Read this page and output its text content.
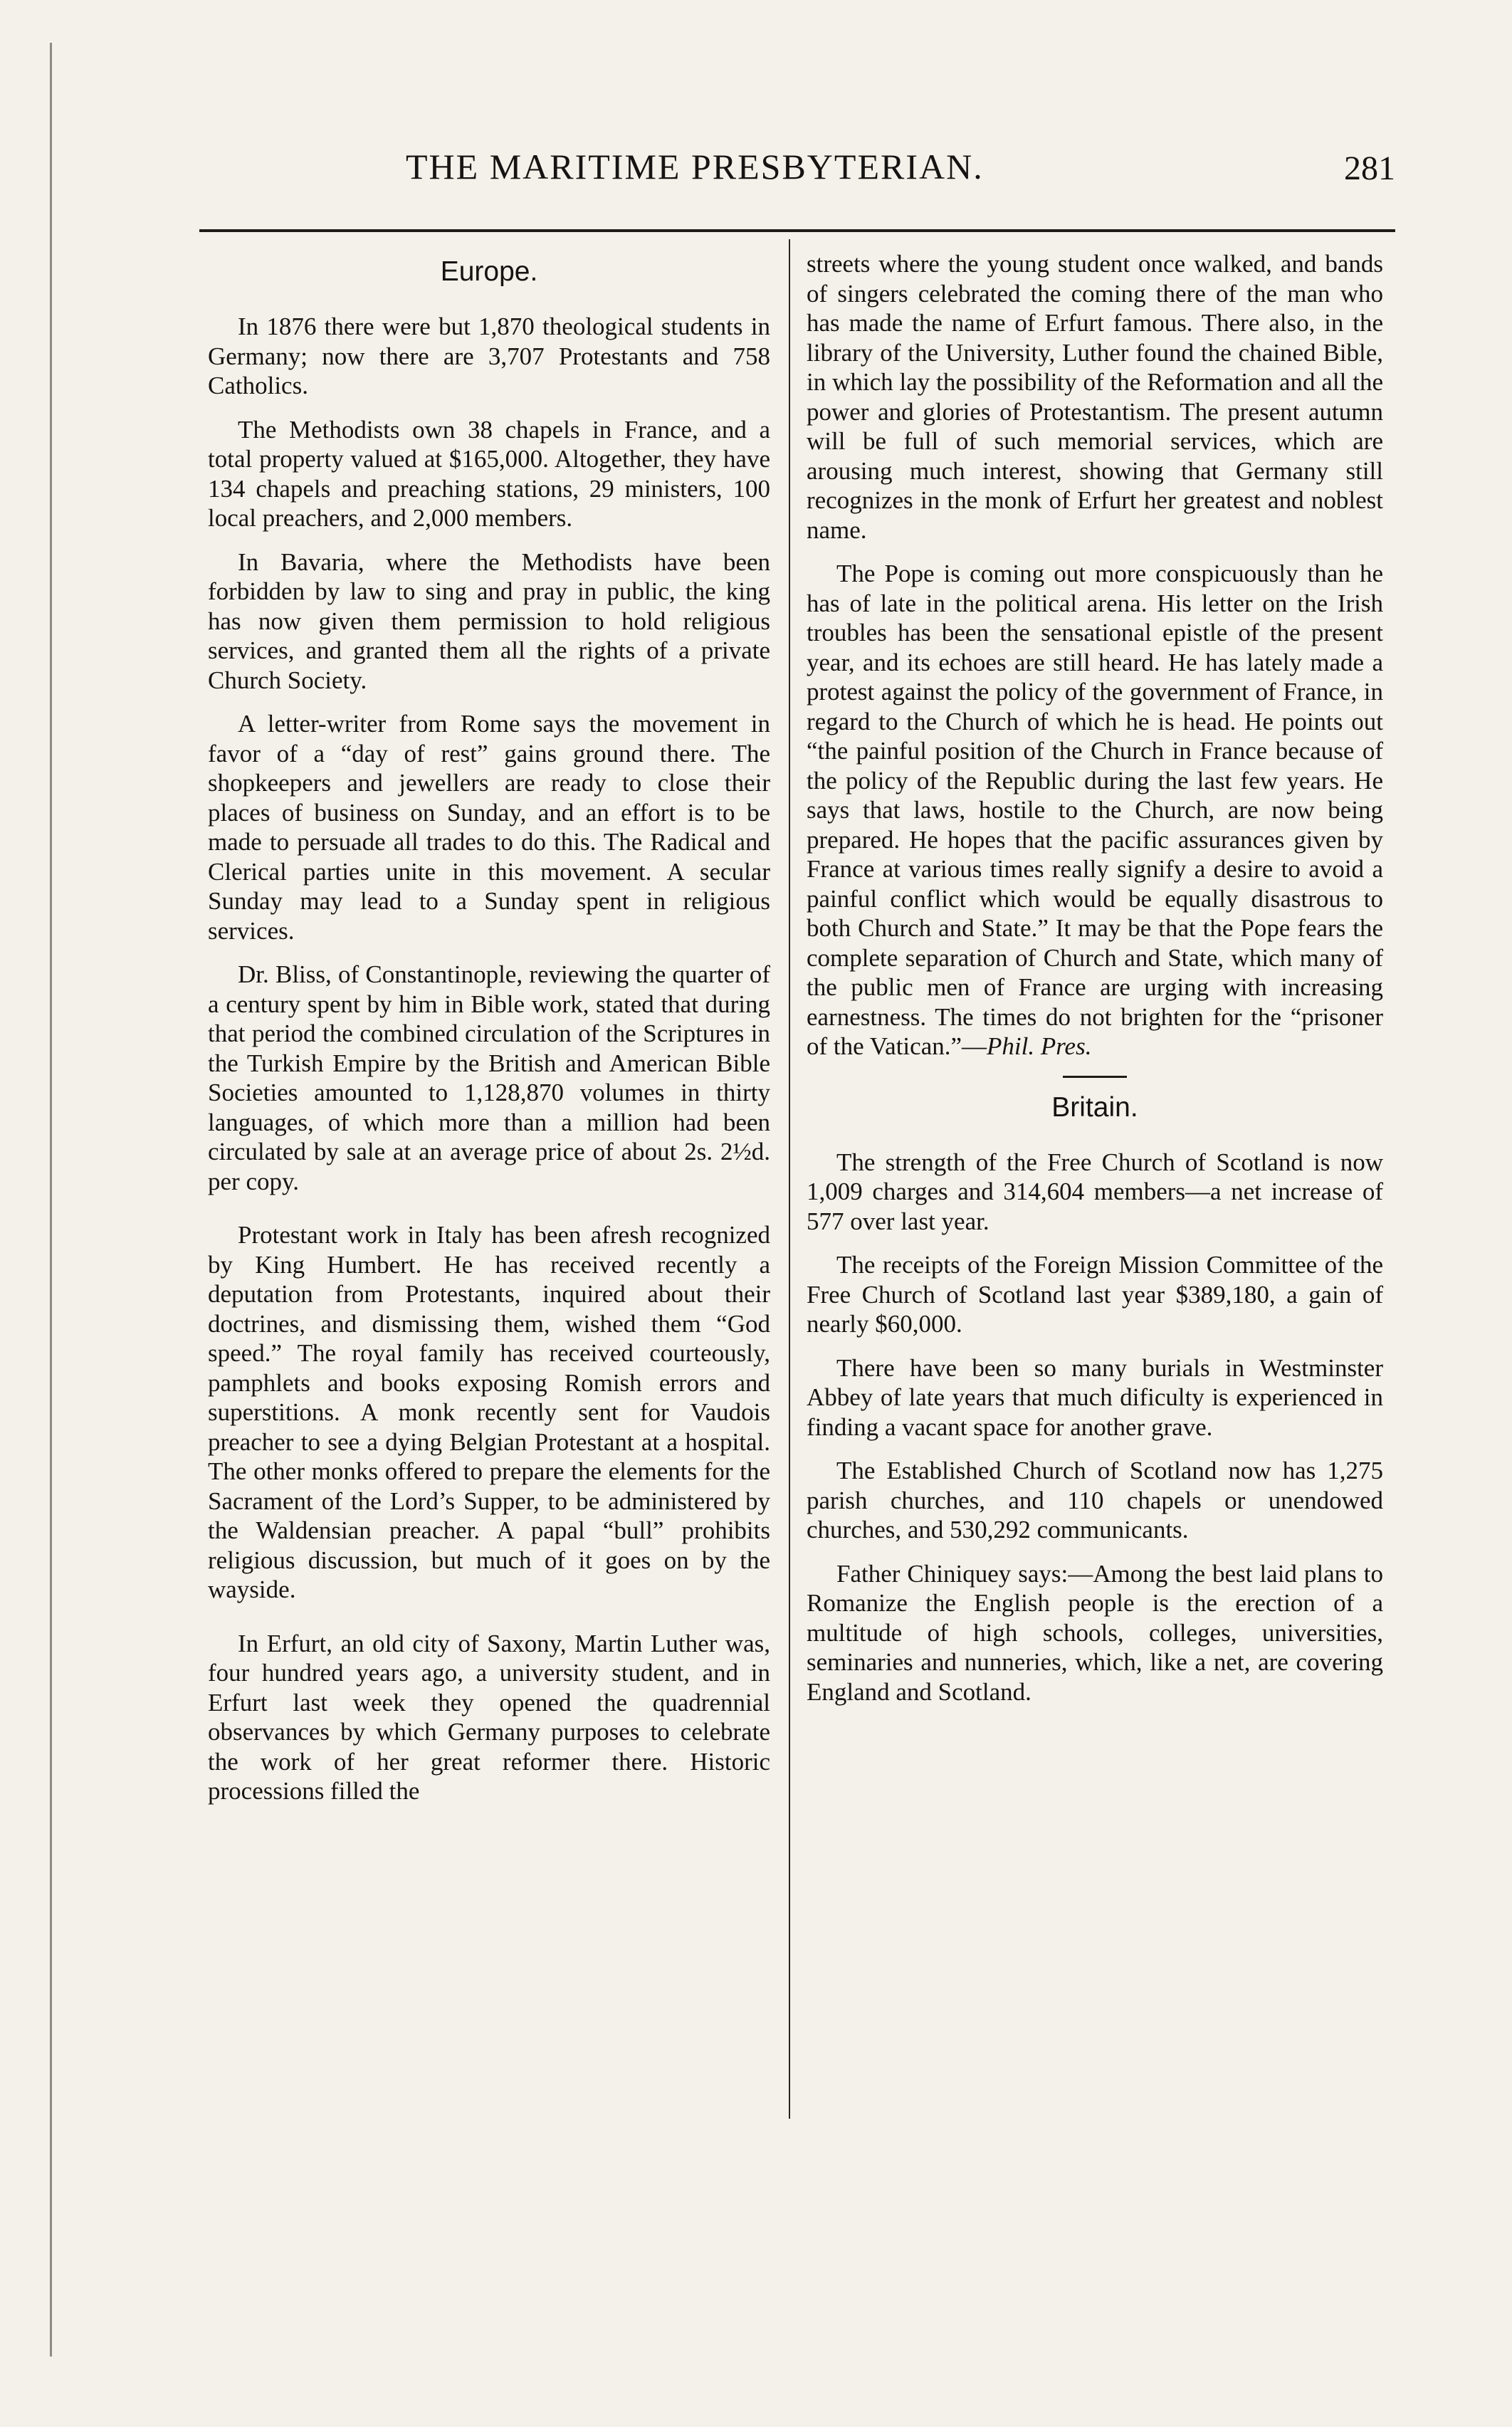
THE MARITIME PRESBYTERIAN.	281
Europe.

In 1876 there were but 1,870 theological students in Germany; now there are 3,707 Protestants and 758 Catholics.

The Methodists own 38 chapels in France, and a total property valued at $165,000. Altogether, they have 134 chapels and preaching stations, 29 ministers, 100 local preachers, and 2,000 members.

In Bavaria, where the Methodists have been forbidden by law to sing and pray in public, the king has now given them permission to hold religious services, and granted them all the rights of a private Church Society.

A letter-writer from Rome says the movement in favor of a “day of rest” gains ground there. The shopkeepers and jewellers are ready to close their places of business on Sunday, and an effort is to be made to persuade all trades to do this. The Radical and Clerical parties unite in this movement. A secular Sunday may lead to a Sunday spent in religious services.

Dr. Bliss, of Constantinople, reviewing the quarter of a century spent by him in Bible work, stated that during that period the combined circulation of the Scriptures in the Turkish Empire by the British and American Bible Societies amounted to 1,128,870 volumes in thirty languages, of which more than a million had been circulated by sale at an average price of about 2s. 2½d. per copy.

Protestant work in Italy has been afresh recognized by King Humbert. He has received recently a deputation from Protestants, inquired about their doctrines, and dismissing them, wished them “God speed.” The royal family has received courteously, pamphlets and books exposing Romish errors and superstitions. A monk recently sent for Vaudois preacher to see a dying Belgian Protestant at a hospital. The other monks offered to prepare the elements for the Sacrament of the Lord’s Supper, to be administered by the Waldensian preacher. A papal “bull” prohibits religious discussion, but much of it goes on by the wayside.

In Erfurt, an old city of Saxony, Martin Luther was, four hundred years ago, a university student, and in Erfurt last week they opened the quadrennial observances by which Germany purposes to celebrate the work of her great reformer there. Historic processions filled the

streets where the young student once walked, and bands of singers celebrated the coming there of the man who has made the name of Erfurt famous. There also, in the library of the University, Luther found the chained Bible, in which lay the possibility of the Reformation and all the power and glories of Protestantism. The present autumn will be full of such memorial services, which are arousing much interest, showing that Germany still recognizes in the monk of Erfurt her greatest and noblest name.

The Pope is coming out more conspicuously than he has of late in the political arena. His letter on the Irish troubles has been the sensational epistle of the present year, and its echoes are still heard. He has lately made a protest against the policy of the government of France, in regard to the Church of which he is head. He points out “the painful position of the Church in France because of the policy of the Republic during the last few years. He says that laws, hostile to the Church, are now being prepared. He hopes that the pacific assurances given by France at various times really signify a desire to avoid a painful conflict which would be equally disastrous to both Church and State.” It may be that the Pope fears the complete separation of Church and State, which many of the public men of France are urging with increasing earnestness. The times do not brighten for the “prisoner of the Vatican.”—Phil. Pres.

Britain.

The strength of the Free Church of Scotland is now 1,009 charges and 314,604 members—a net increase of 577 over last year.

The receipts of the Foreign Mission Committee of the Free Church of Scotland last year $389,180, a gain of nearly $60,000.

There have been so many burials in Westminster Abbey of late years that much dificulty is experienced in finding a vacant space for another grave.

The Established Church of Scotland now has 1,275 parish churches, and 110 chapels or unendowed churches, and 530,292 communicants.

Father Chiniquey says:—Among the best laid plans to Romanize the English people is the erection of a multitude of high schools, colleges, universities, seminaries and nunneries, which, like a net, are covering England and Scotland.
